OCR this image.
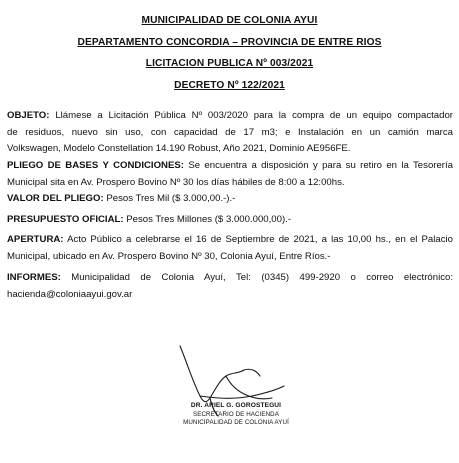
MUNICIPALIDAD DE COLONIA AYUI
DEPARTAMENTO CONCORDIA – PROVINCIA DE ENTRE RIOS
LICITACION PUBLICA Nº 003/2021
DECRETO Nº 122/2021
OBJETO: Llámese a Licitación Pública Nº 003/2020 para la compra de un equipo compactador
de residuos, nuevo sin uso, con capacidad de 17 m3; e Instalación en un camión marca
Volkswagen, Modelo Constellation 14.190 Robust, Año 2021, Dominio AE956FE.
PLIEGO DE BASES Y CONDICIONES: Se encuentra a disposición y para su retiro en la Tesorería
Municipal sita en Av. Prospero Bovino Nº 30 los días hábiles de 8:00 a 12:00hs.
VALOR DEL PLIEGO: Pesos Tres Mil ($ 3.000,00.-).-
PRESUPUESTO OFICIAL: Pesos Tres Millones ($ 3.000.000,00).-
APERTURA: Acto Público a celebrarse el 16 de Septiembre de 2021, a las 10,00 hs., en el Palacio
Municipal, ubicado en Av. Prospero Bovino Nº 30, Colonia Ayuí, Entre Ríos.-
INFORMES: Municipalidad de Colonia Ayuí, Tel: (0345) 499-2920 o correo electrónico:
hacienda@coloniaayui.gov.ar
DR. ARIEL G. GOROSTEGUI
SECRETARIO DE HACIENDA
MUNICIPALIDAD DE COLONIA AYUÍ
